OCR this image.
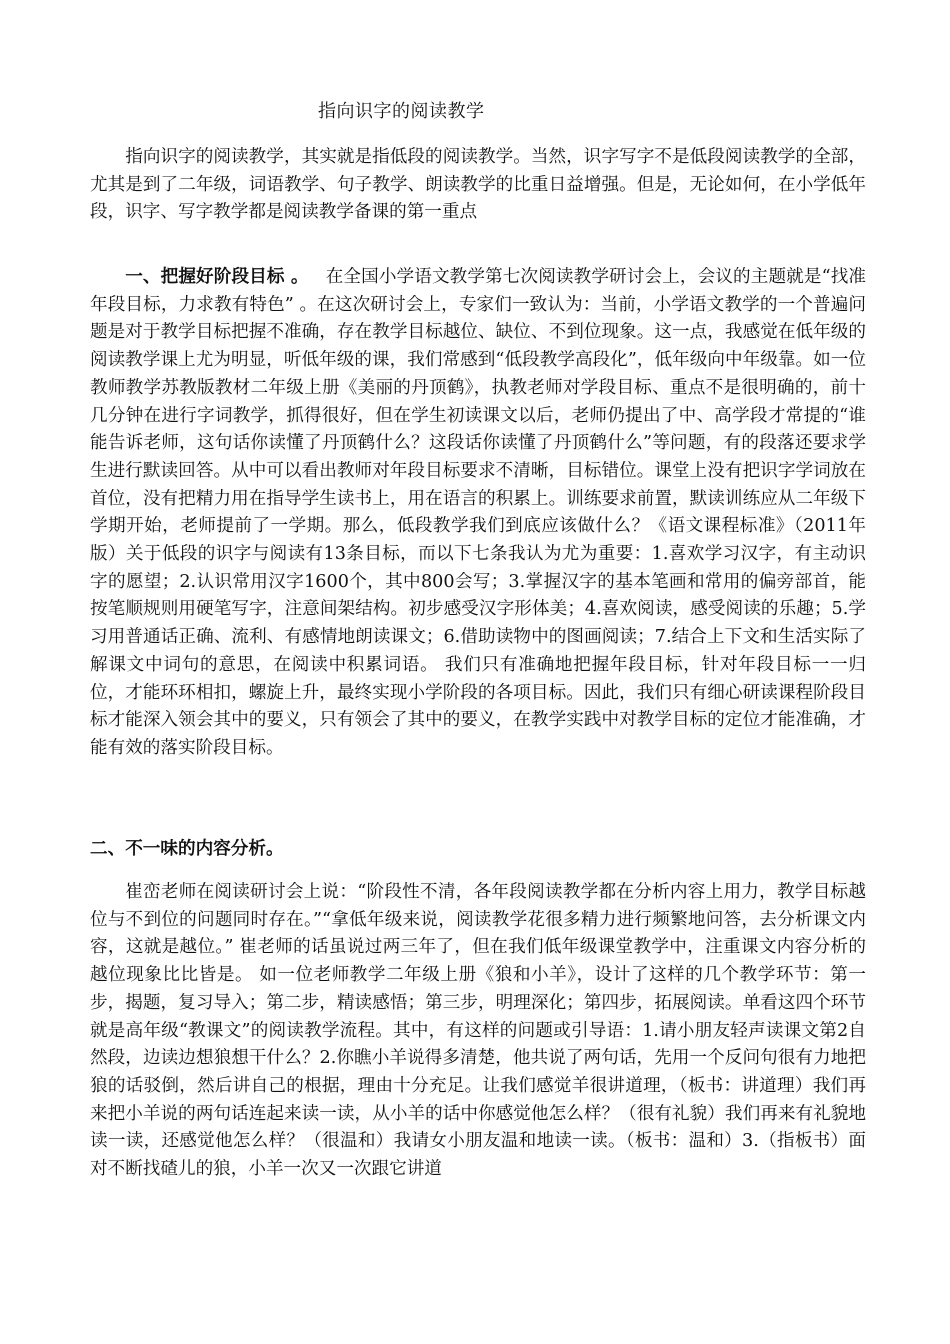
指向识字的阅读教学

指向识字的阅读教学，其实就是指低段的阅读教学。当然，识字写字不是低段阅读教学的全部，尤其是到了二年级，词语教学、句子教学、朗读教学的比重日益增强。但是，无论如何，在小学低年段，识字、写字教学都是阅读教学备课的第一重点

一、把握好阶段目标 。 在全国小学语文教学第七次阅读教学研讨会上，会议的主题就是“找准年段目标，力求教有特色” 。在这次研讨会上，专家们一致认为：当前，小学语文教学的一个普遍问题是对于教学目标把握不准确，存在教学目标越位、缺位、不到位现象。这一点，我感觉在低年级的阅读教学课上尤为明显，听低年级的课，我们常感到“低段教学高段化”，低年级向中年级靠。如一位教师教学苏教版教材二年级上册《美丽的丹顶鹤》，执教老师对学段目标、重点不是很明确的，前十几分钟在进行字词教学，抓得很好，但在学生初读课文以后，老师仍提出了中、高学段才常提的“谁能告诉老师，这句话你读懂了丹顶鹤什么？这段话你读懂了丹顶鹤什么”等问题，有的段落还要求学生进行默读回答。从中可以看出教师对年段目标要求不清晰，目标错位。课堂上没有把识字学词放在首位，没有把精力用在指导学生读书上，用在语言的积累上。训练要求前置，默读训练应从二年级下学期开始，老师提前了一学期。那么，低段教学我们到底应该做什么？《语文课程标准》（2011年版）关于低段的识字与阅读有13条目标，而以下七条我认为尤为重要：1.喜欢学习汉字，有主动识字的愿望；2.认识常用汉字1600个，其中800会写；3.掌握汉字的基本笔画和常用的偏旁部首，能按笔顺规则用硬笔写字，注意间架结构。初步感受汉字形体美；4.喜欢阅读，感受阅读的乐趣；5.学习用普通话正确、流利、有感情地朗读课文；6.借助读物中的图画阅读；7.结合上下文和生活实际了解课文中词句的意思，在阅读中积累词语。 我们只有准确地把握年段目标，针对年段目标一一归位，才能环环相扣，螺旋上升，最终实现小学阶段的各项目标。因此，我们只有细心研读课程阶段目标才能深入领会其中的要义，只有领会了其中的要义，在教学实践中对教学目标的定位才能准确，才能有效的落实阶段目标。

二、不一味的内容分析。

崔峦老师在阅读研讨会上说：“阶段性不清，各年段阅读教学都在分析内容上用力，教学目标越位与不到位的问题同时存在。”“拿低年级来说，阅读教学花很多精力进行频繁地问答，去分析课文内容，这就是越位。” 崔老师的话虽说过两三年了，但在我们低年级课堂教学中，注重课文内容分析的越位现象比比皆是。 如一位老师教学二年级上册《狼和小羊》，设计了这样的几个教学环节：第一步，揭题，复习导入；第二步，精读感悟；第三步，明理深化；第四步，拓展阅读。单看这四个环节就是高年级“教课文”的阅读教学流程。其中，有这样的问题或引导语：1.请小朋友轻声读课文第2自然段，边读边想狼想干什么？2.你瞧小羊说得多清楚，他共说了两句话，先用一个反问句很有力地把狼的话驳倒，然后讲自己的根据，理由十分充足。让我们感觉羊很讲道理，（板书：讲道理）我们再来把小羊说的两句话连起来读一读，从小羊的话中你感觉他怎么样？（很有礼貌）我们再来有礼貌地读一读，还感觉他怎么样？（很温和）我请女小朋友温和地读一读。（板书：温和）3.（指板书）面对不断找碴儿的狼，小羊一次又一次跟它讲道
